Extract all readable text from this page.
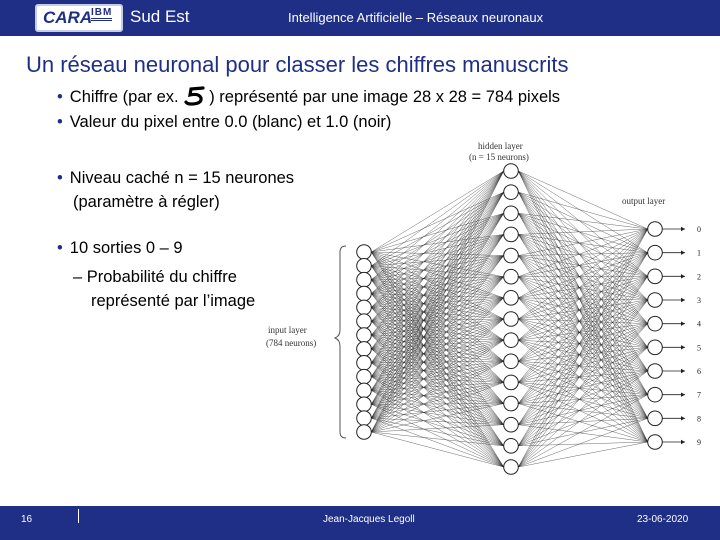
CARA
IBM Sud Est	Intelligence Artificielle – Réseaux neuronaux
Un réseau neuronal pour classer les chiffres manuscrits
• Chiffre (par ex. ) représenté par une image 28 x 28 = 784 pixels
• Valeur du pixel entre 0.0 (blanc) et 1.0 (noir)
• Niveau caché n = 15 neurones
(paramètre à régler)
• 10 sorties 0 – 9
– Probabilité du chiffre
représenté par l’image
hidden layer
(n = 15 neurons)
output layer
input layer
(784 neurons)
0
1
2
3
4
5
6
7
8
9
16	Jean-Jacques Legoll	23-06-2020
